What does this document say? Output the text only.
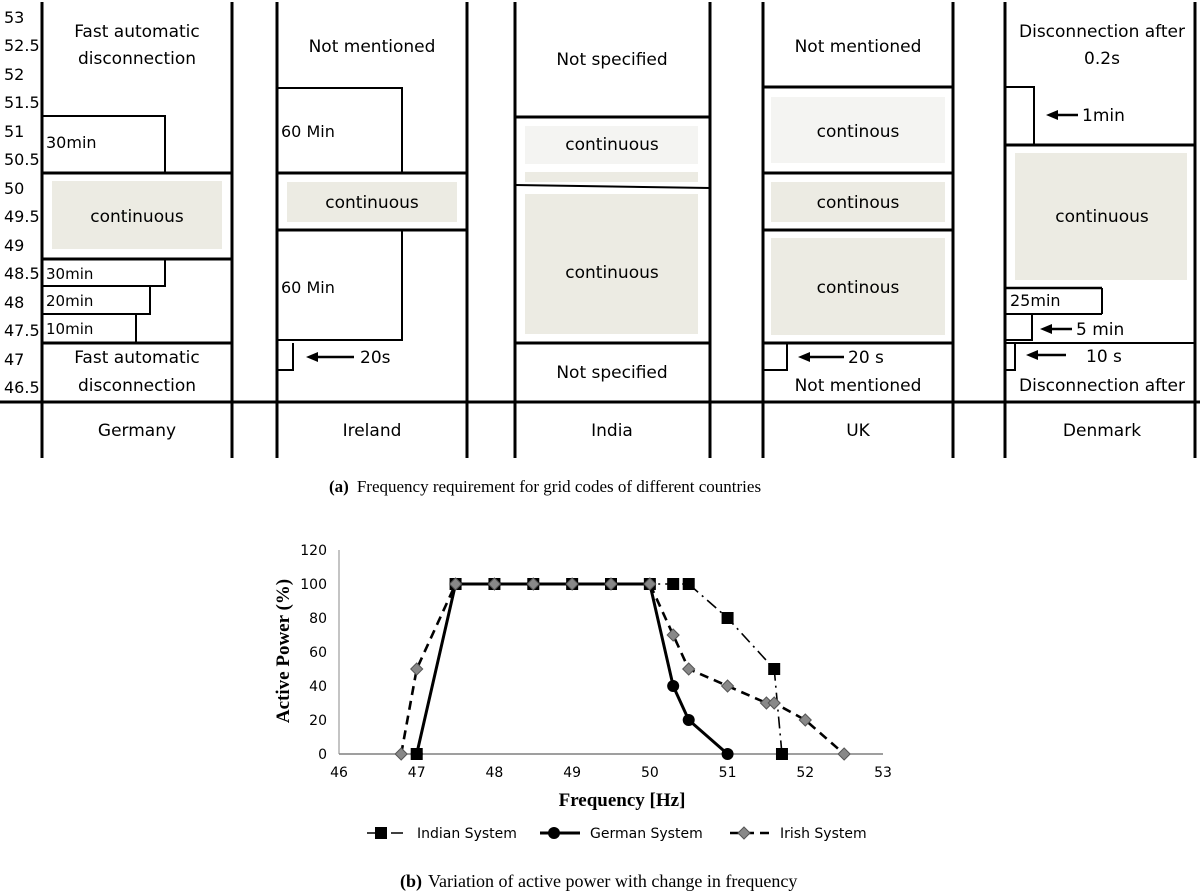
53
52.5
52
51.5
51
50.5
50
49.5
49
48.5
48
47.5
47
46.5
Fast automatic
disconnection
30min
continuous
30min
20min
10min
Fast automatic
disconnection
Germany
Not mentioned
60 Min
continuous
60 Min
20s
Ireland
Not specified
continuous
continuous
Not specified
India
Not mentioned
continous
continous
continous
20 s
Not mentioned
UK
Disconnection after
0.2s
1min
continuous
25min
5 min
10 s
Disconnection after
Denmark
(a) Frequency requirement for grid codes of different countries
46	47	48	49	50	51	52	53
0
20
40
60
80
100
120
Frequency [Hz]
Active Power (%)
Indian System	German System	Irish System
(b) Variation of active power with change in frequency
